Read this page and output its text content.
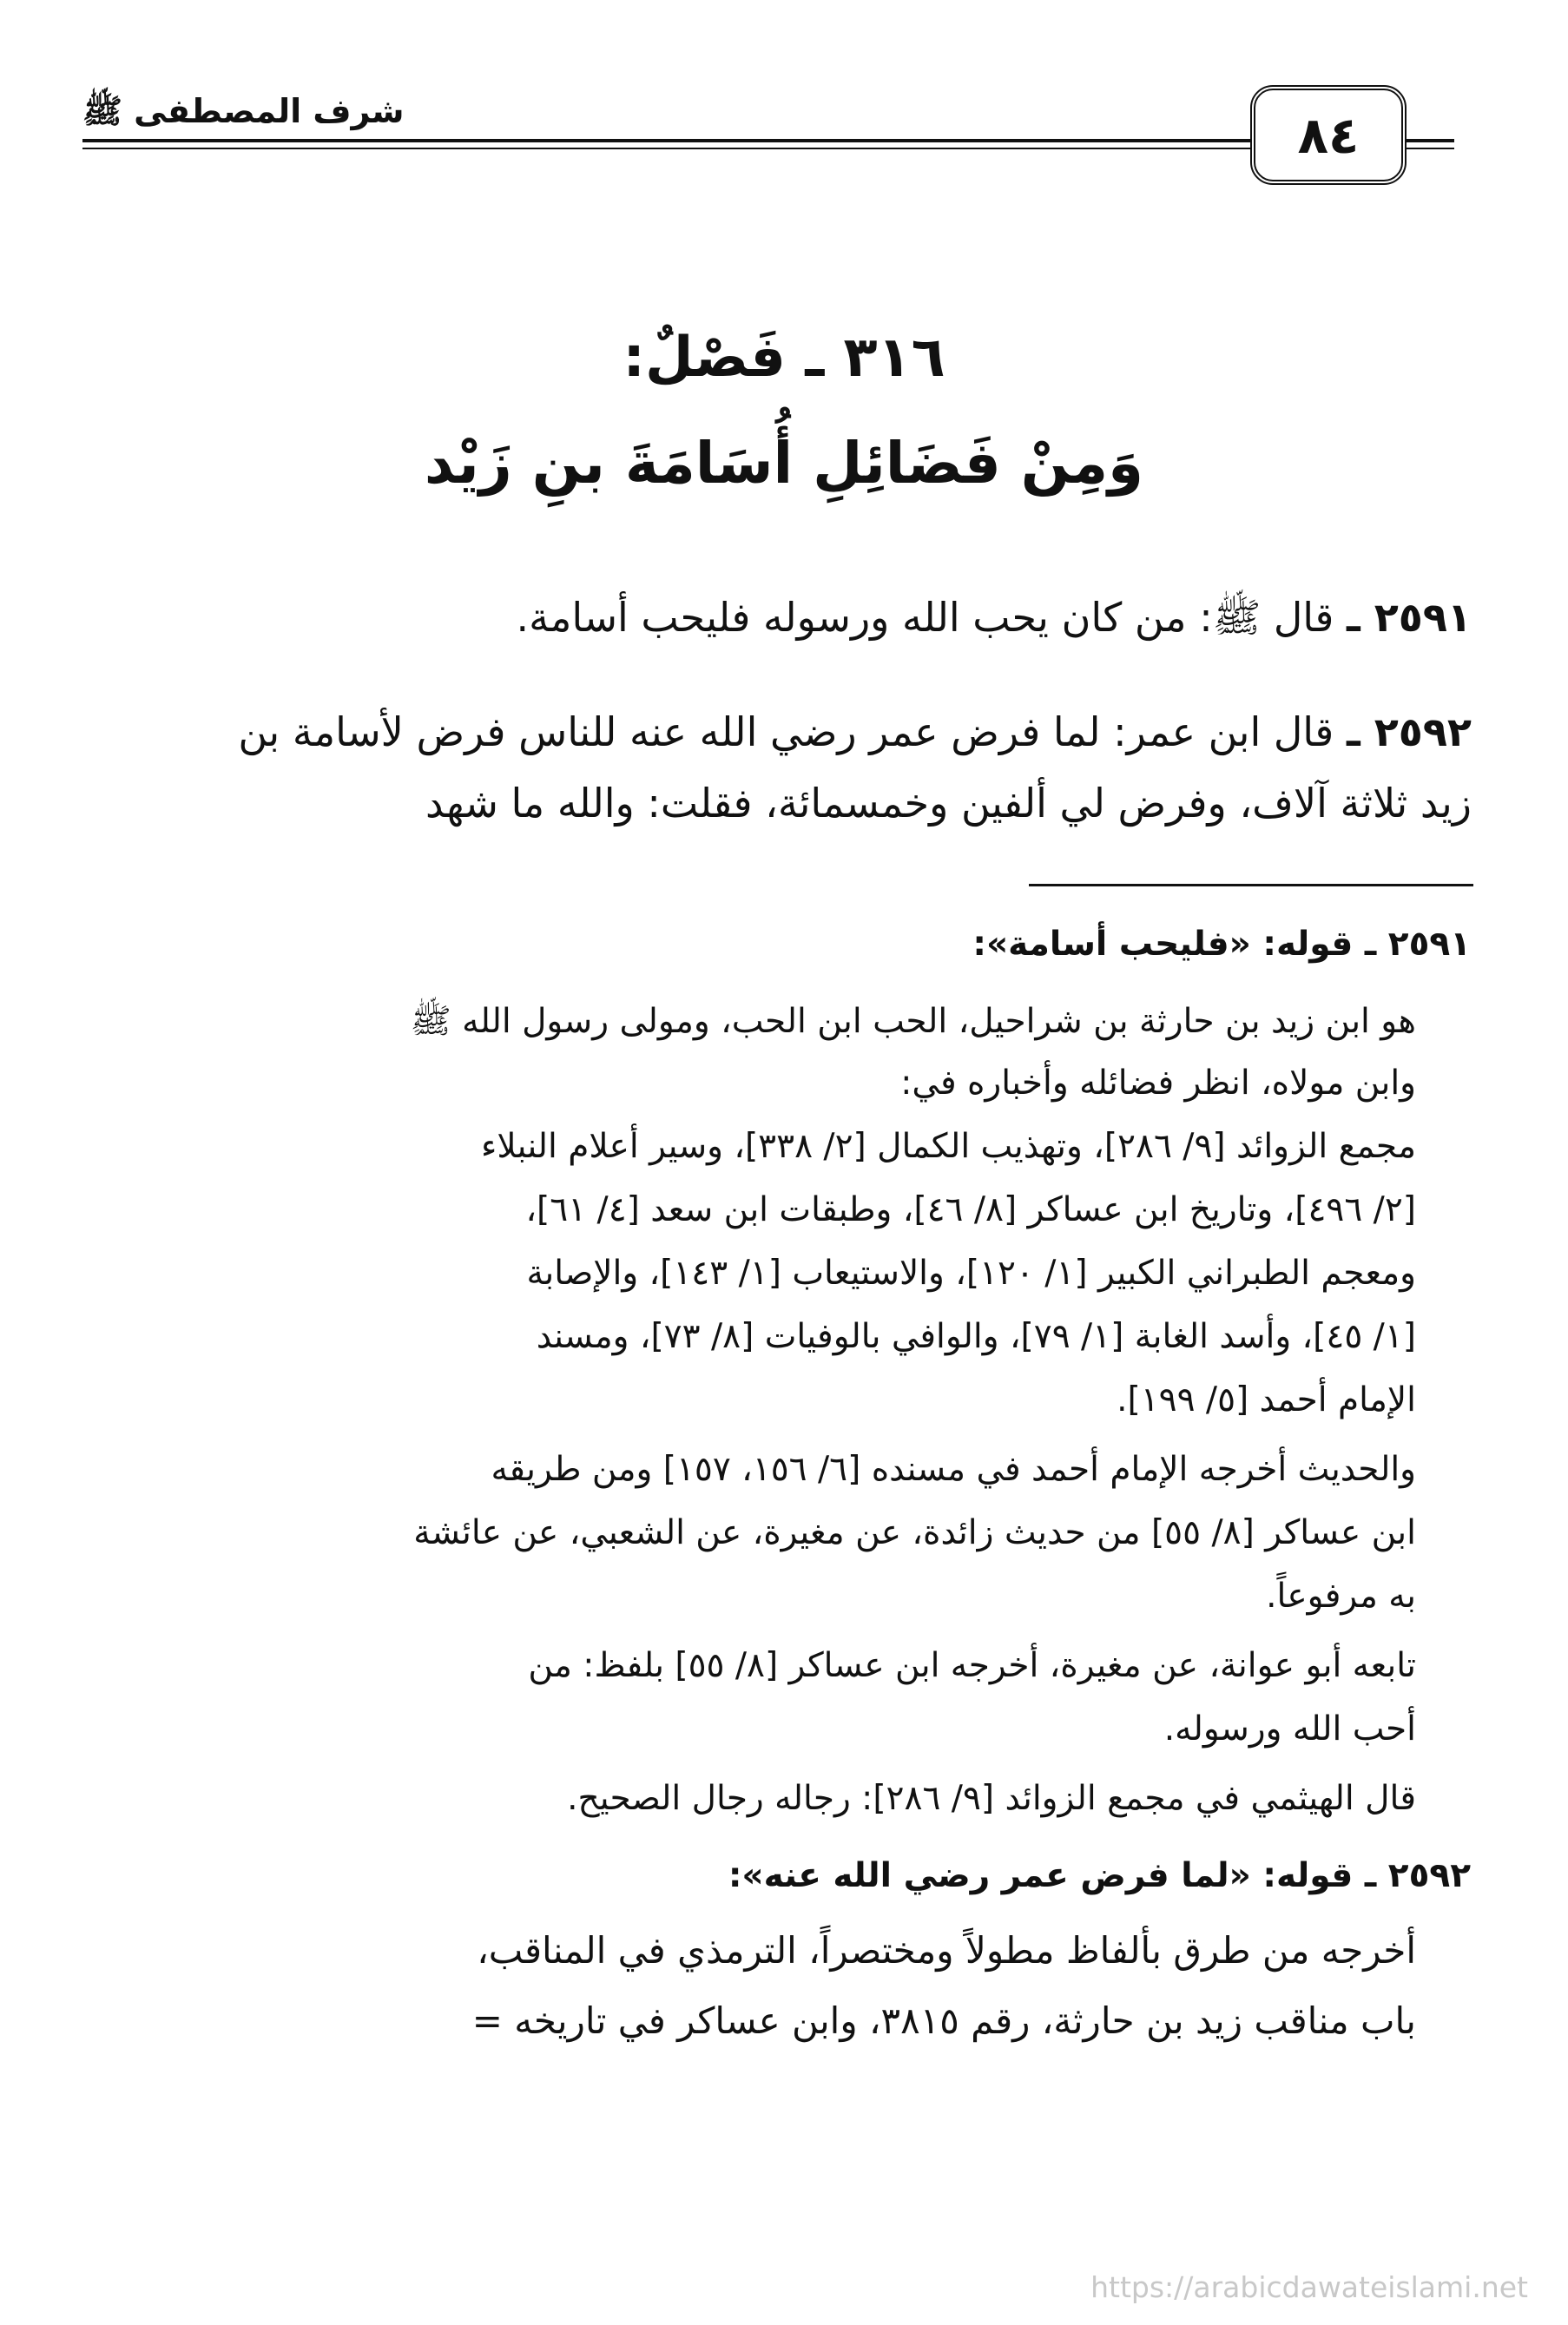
شرف المصطفى ﷺ	٨٤
٣١٦ ـ فَصْلٌ:
وَمِنْ فَضَائِلِ أُسَامَةَ بنِ زَيْد
٢٥٩١ ـ قال ﷺ: من كان يحب الله ورسوله فليحب أسامة.
٢٥٩٢ ـ قال ابن عمر: لما فرض عمر رضي الله عنه للناس فرض لأسامة بن
زيد ثلاثة آلاف، وفرض لي ألفين وخمسمائة، فقلت: والله ما شهد
٢٥٩١ ـ قوله: «فليحب أسامة»:
هو ابن زيد بن حارثة بن شراحيل، الحب ابن الحب، ومولى رسول الله ﷺ
وابن مولاه، انظر فضائله وأخباره في:
مجمع الزوائد [٩/ ٢٨٦]، وتهذيب الكمال [٢/ ٣٣٨]، وسير أعلام النبلاء
[٢/ ٤٩٦]، وتاريخ ابن عساكر [٨/ ٤٦]، وطبقات ابن سعد [٤/ ٦١]،
ومعجم الطبراني الكبير [١/ ١٢٠]، والاستيعاب [١/ ١٤٣]، والإصابة
[١/ ٤٥]، وأسد الغابة [١/ ٧٩]، والوافي بالوفيات [٨/ ٧٣]، ومسند
الإمام أحمد [٥/ ١٩٩].
والحديث أخرجه الإمام أحمد في مسنده [٦/ ١٥٦، ١٥٧] ومن طريقه
ابن عساكر [٨/ ٥٥] من حديث زائدة، عن مغيرة، عن الشعبي، عن عائشة
به مرفوعاً.
تابعه أبو عوانة، عن مغيرة، أخرجه ابن عساكر [٨/ ٥٥] بلفظ: من
أحب الله ورسوله.
قال الهيثمي في مجمع الزوائد [٩/ ٢٨٦]: رجاله رجال الصحيح.
٢٥٩٢ ـ قوله: «لما فرض عمر رضي الله عنه»:
أخرجه من طرق بألفاظ مطولاً ومختصراً، الترمذي في المناقب،
باب مناقب زيد بن حارثة، رقم ٣٨١٥، وابن عساكر في تاريخه =
https://arabicdawateislami.net
